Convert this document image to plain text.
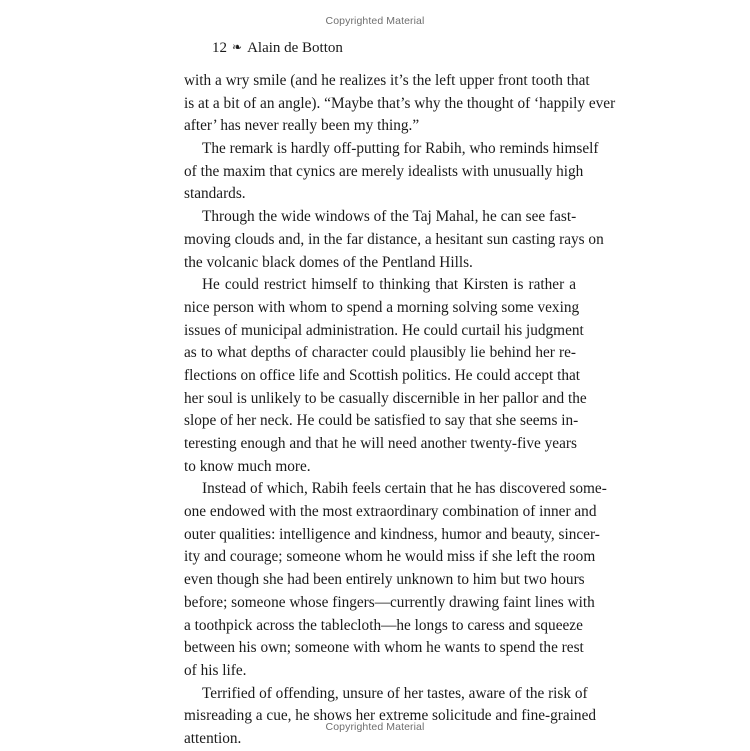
Copyrighted Material
12 ❧ Alain de Botton
with a wry smile (and he realizes it’s the left upper front tooth that
is at a bit of an angle). “Maybe that’s why the thought of ‘happily ever
after’ has never really been my thing.”
The remark is hardly off-putting for Rabih, who reminds himself
of the maxim that cynics are merely idealists with unusually high
standards.
Through the wide windows of the Taj Mahal, he can see fast-
moving clouds and, in the far distance, a hesitant sun casting rays on
the volcanic black domes of the Pentland Hills.
He could restrict himself to thinking that Kirsten is rather a
nice person with whom to spend a morning solving some vexing
issues of municipal administration. He could curtail his judgment
as to what depths of character could plausibly lie behind her re-
flections on office life and Scottish politics. He could accept that
her soul is unlikely to be casually discernible in her pallor and the
slope of her neck. He could be satisfied to say that she seems in-
teresting enough and that he will need another twenty-five years
to know much more.
Instead of which, Rabih feels certain that he has discovered some-
one endowed with the most extraordinary combination of inner and
outer qualities: intelligence and kindness, humor and beauty, sincer-
ity and courage; someone whom he would miss if she left the room
even though she had been entirely unknown to him but two hours
before; someone whose fingers—currently drawing faint lines with
a toothpick across the tablecloth—he longs to caress and squeeze
between his own; someone with whom he wants to spend the rest
of his life.
Terrified of offending, unsure of her tastes, aware of the risk of
misreading a cue, he shows her extreme solicitude and fine-grained
attention.
Copyrighted Material
